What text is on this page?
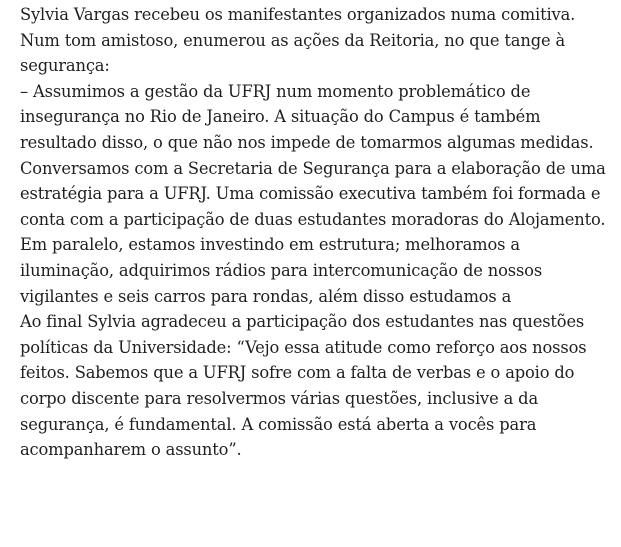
Sylvia Vargas recebeu os manifestantes organizados numa comitiva.
Num tom amistoso, enumerou as ações da Reitoria, no que tange à
segurança:

– Assumimos a gestão da UFRJ num momento problemático de
insegurança no Rio de Janeiro. A situação do Campus é também
resultado disso, o que não nos impede de tomarmos algumas medidas.
Conversamos com a Secretaria de Segurança para a elaboração de uma
estratégia para a UFRJ. Uma comissão executiva também foi formada e
conta com a participação de duas estudantes moradoras do Alojamento.
Em paralelo, estamos investindo em estrutura; melhoramos a
iluminação, adquirimos rádios para intercomunicação de nossos
vigilantes e seis carros para rondas, além disso estudamos a

Ao final Sylvia agradeceu a participação dos estudantes nas questões
políticas da Universidade: “Vejo essa atitude como reforço aos nossos
feitos. Sabemos que a UFRJ sofre com a falta de verbas e o apoio do
corpo discente para resolvermos várias questões, inclusive a da
segurança, é fundamental. A comissão está aberta a vocês para
acompanharem o assunto”.
